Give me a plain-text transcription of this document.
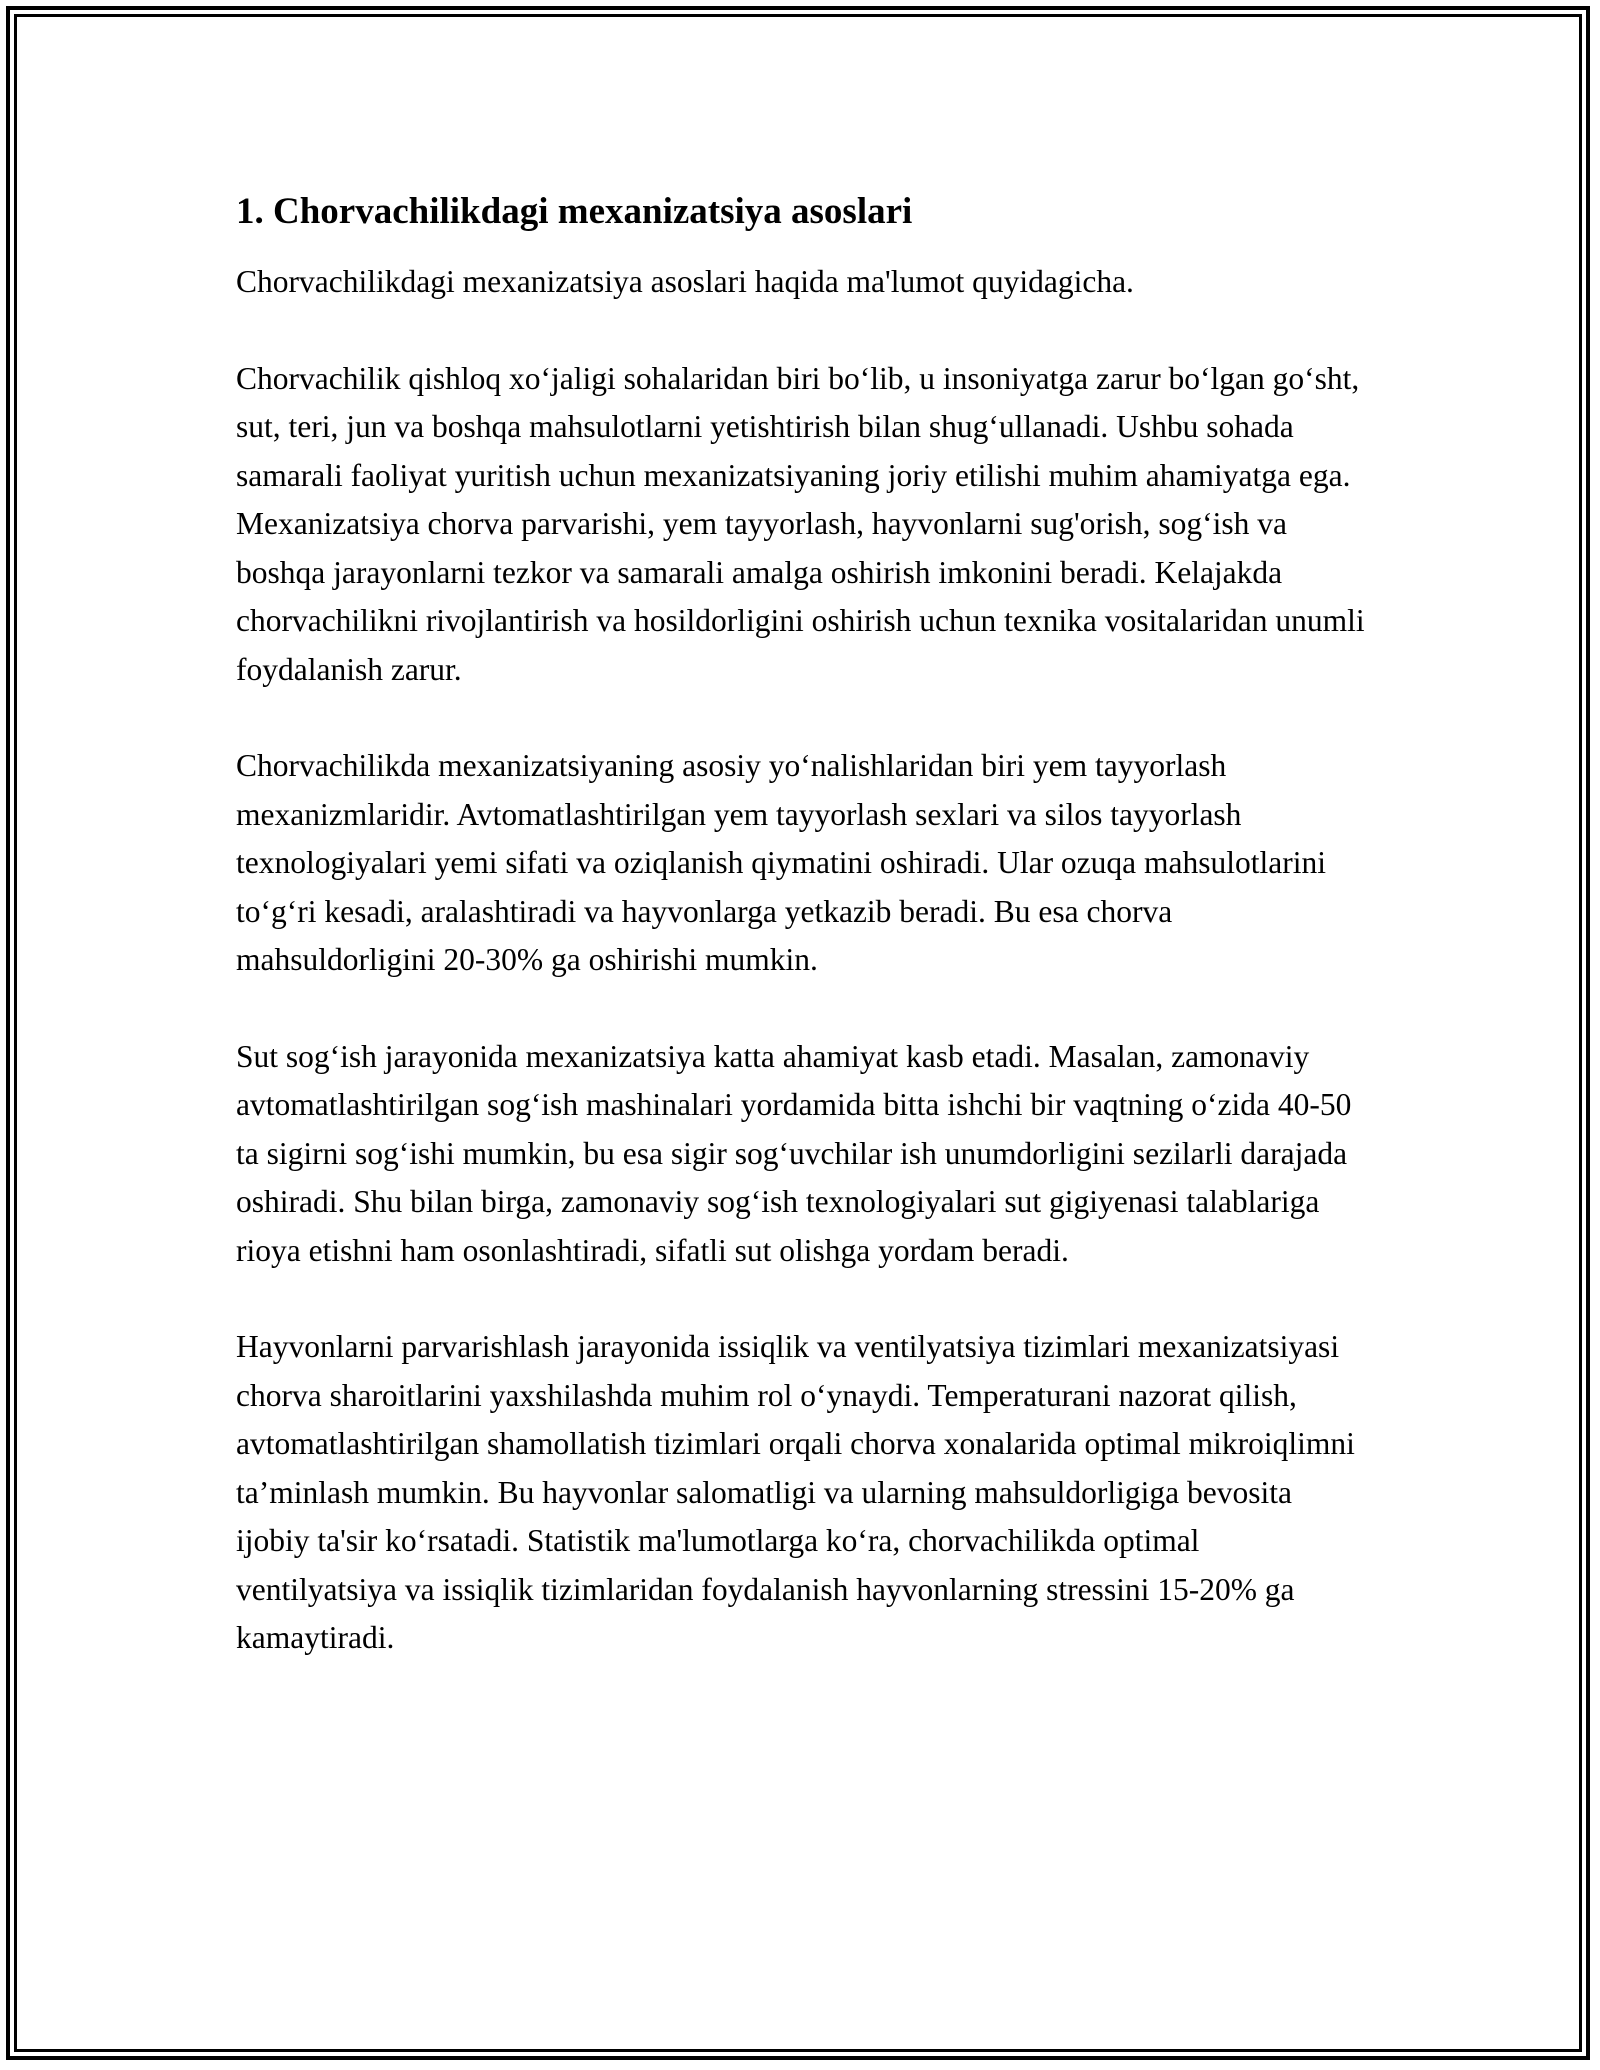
1. Chorvachilikdagi mexanizatsiya asoslari

Chorvachilikdagi mexanizatsiya asoslari haqida ma'lumot quyidagicha.

Chorvachilik qishloq xo‘jaligi sohalaridan biri bo‘lib, u insoniyatga zarur bo‘lgan go‘sht, sut, teri, jun va boshqa mahsulotlarni yetishtirish bilan shug‘ullanadi. Ushbu sohada samarali faoliyat yuritish uchun mexanizatsiyaning joriy etilishi muhim ahamiyatga ega. Mexanizatsiya chorva parvarishi, yem tayyorlash, hayvonlarni sug'orish, sog‘ish va boshqa jarayonlarni tezkor va samarali amalga oshirish imkonini beradi. Kelajakda chorvachilikni rivojlantirish va hosildorligini oshirish uchun texnika vositalaridan unumli foydalanish zarur.

Chorvachilikda mexanizatsiyaning asosiy yo‘nalishlaridan biri yem tayyorlash mexanizmlaridir. Avtomatlashtirilgan yem tayyorlash sexlari va silos tayyorlash texnologiyalari yemi sifati va oziqlanish qiymatini oshiradi. Ular ozuqa mahsulotlarini to‘g‘ri kesadi, aralashtiradi va hayvonlarga yetkazib beradi. Bu esa chorva mahsuldorligini 20-30% ga oshirishi mumkin.

Sut sog‘ish jarayonida mexanizatsiya katta ahamiyat kasb etadi. Masalan, zamonaviy avtomatlashtirilgan sog‘ish mashinalari yordamida bitta ishchi bir vaqtning o‘zida 40-50 ta sigirni sog‘ishi mumkin, bu esa sigir sog‘uvchilar ish unumdorligini sezilarli darajada oshiradi. Shu bilan birga, zamonaviy sog‘ish texnologiyalari sut gigiyenasi talablariga rioya etishni ham osonlashtiradi, sifatli sut olishga yordam beradi.

Hayvonlarni parvarishlash jarayonida issiqlik va ventilyatsiya tizimlari mexanizatsiyasi chorva sharoitlarini yaxshilashda muhim rol o‘ynaydi. Temperaturani nazorat qilish, avtomatlashtirilgan shamollatish tizimlari orqali chorva xonalarida optimal mikroiqlimni ta’minlash mumkin. Bu hayvonlar salomatligi va ularning mahsuldorligiga bevosita ijobiy ta'sir ko‘rsatadi. Statistik ma'lumotlarga ko‘ra, chorvachilikda optimal ventilyatsiya va issiqlik tizimlaridan foydalanish hayvonlarning stressini 15-20% ga kamaytiradi.
